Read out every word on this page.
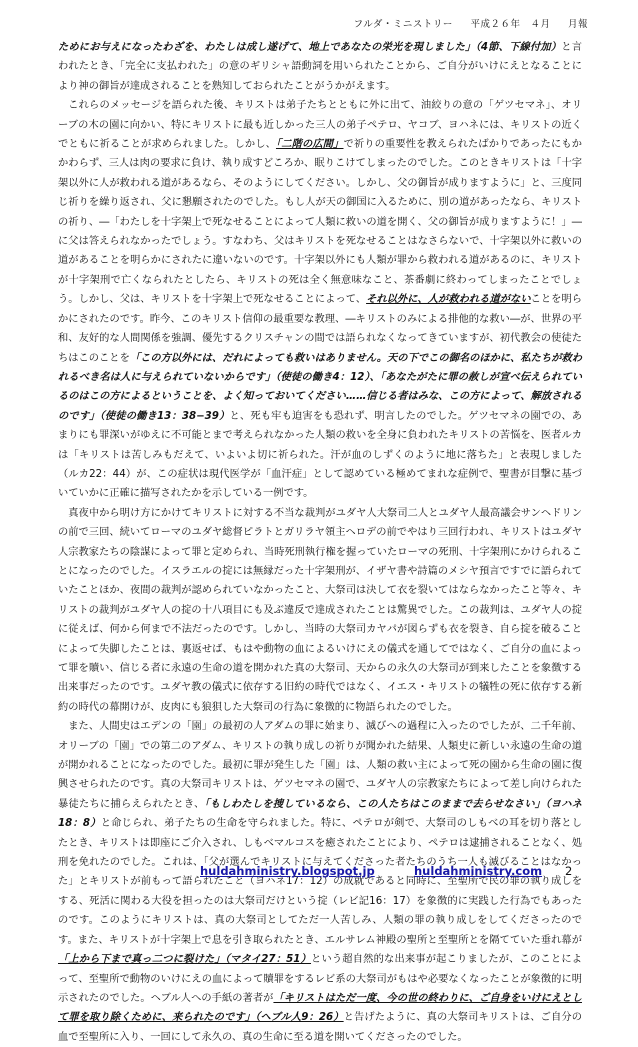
フルダ・ミニストリー 平成２６年　４月 月報

ためにお与えになったわざを、わたしは成し遂げて、地上であなたの栄光を現しました」（4節、下線付加）と言われたとき、「完全に支払われた」の意のギリシャ語動詞を用いられたことから、ご自分がいけにえとなることにより神の御旨が達成されることを熟知しておられたことがうかがえます。

これらのメッセージを語られた後、キリストは弟子たちとともに外に出て、油絞りの意の「ゲツセマネ」、オリーブの木の園に向かい、特にキリストに最も近しかった三人の弟子ペテロ、ヤコブ、ヨハネには、キリストの近くでともに祈ることが求められました。しかし、「二階の広間」で祈りの重要性を教えられたばかりであったにもかかわらず、三人は肉の要求に負け、執り成すどころか、眠りこけてしまったのでした。このときキリストは「十字架以外に人が救われる道があるなら、そのようにしてください。しかし、父の御旨が成りますように」と、三度同じ祈りを繰り返され、父に懇願されたのでした。もし人が天の御国に入るために、別の道があったなら、キリストの祈り、―「わたしを十字架上で死なせることによって人類に救いの道を開く、父の御旨が成りますように！」―に父は答えられなかったでしょう。すなわち、父はキリストを死なせることはなさらないで、十字架以外に救いの道があることを明らかにされたに違いないのです。十字架以外にも人類が罪から救われる道があるのに、キリストが十字架刑で亡くなられたとしたら、キリストの死は全く無意味なこと、茶番劇に終わってしまったことでしょう。しかし、父は、キリストを十字架上で死なせることによって、それ以外に、人が救われる道がないことを明らかにされたのです。昨今、このキリスト信仰の最重要な教理、―キリストのみによる排他的な救い―が、世界の平和、友好的な人間関係を強調、優先するクリスチャンの間では語られなくなってきていますが、初代教会の使徒たちはこのことを「この方以外には、だれによっても救いはありません。天の下でこの御名のほかに、私たちが救われるべき名は人に与えられていないからです」（使徒の働き4：12）、「あなたがたに罪の赦しが宣べ伝えられているのはこの方によるということを、よく知っておいてください……信じる者はみな、この方によって、解放されるのです」（使徒の働き13：38−39）と、死も牢も迫害をも恐れず、明言したのでした。ゲツセマネの園での、あまりにも罪深いがゆえに不可能とまで考えられなかった人類の救いを全身に負われたキリストの苦悩を、医者ルカは「キリストは苦しみもだえて、いよいよ切に祈られた。汗が血のしずくのように地に落ちた」と表現しました（ルカ22：44）が、この症状は現代医学が「血汗症」として認めている極めてまれな症例で、聖書が目撃に基づいていかに正確に描写されたかを示している一例です。

真夜中から明け方にかけてキリストに対する不当な裁判がユダヤ人大祭司二人とユダヤ人最高議会サンヘドリンの前で三回、続いてローマのユダヤ総督ピラトとガリラヤ領主ヘロデの前でやはり三回行われ、キリストはユダヤ人宗教家たちの陰謀によって罪と定められ、当時死刑執行権を握っていたローマの死刑、十字架刑にかけられることになったのでした。イスラエルの掟には無縁だった十字架刑が、イザヤ書や詩篇のメシヤ預言ですでに語られていたことほか、夜間の裁判が認められていなかったこと、大祭司は決して衣を裂いてはならなかったこと等々、キリストの裁判がユダヤ人の掟の十八項目にも及ぶ違反で達成されたことは驚異でした。この裁判は、ユダヤ人の掟に従えば、何から何まで不法だったのです。しかし、当時の大祭司カヤパが図らずも衣を裂き、自ら掟を破ることによって失脚したことは、裏返せば、もはや動物の血によるいけにえの儀式を通してではなく、ご自分の血によって罪を贖い、信じる者に永遠の生命の道を開かれた真の大祭司、天からの永久の大祭司が到来したことを象徴する出来事だったのです。ユダヤ教の儀式に依存する旧約の時代ではなく、イエス・キリストの犠牲の死に依存する新約の時代の幕開けが、皮肉にも狼狽した大祭司の行為に象徴的に物語られたのでした。

また、人間史はエデンの「園」の最初の人アダムの罪に始まり、滅びへの過程に入ったのでしたが、二千年前、オリーブの「園」での第二のアダム、キリストの執り成しの祈りが聞かれた結果、人類史に新しい永遠の生命の道が開かれることになったのでした。最初に罪が発生した「園」は、人類の救い主によって死の園から生命の園に復興させられたのです。真の大祭司キリストは、ゲツセマネの園で、ユダヤ人の宗教家たちによって差し向けられた暴徒たちに捕らえられたとき、「もしわたしを捜しているなら、この人たちはこのままで去らせなさい」（ヨハネ18：8）と命じられ、弟子たちの生命を守られました。特に、ペテロが剣で、大祭司のしもべの耳を切り落としたとき、キリストは即座にご介入され、しもべマルコスを癒されたことにより、ペテロは逮捕されることなく、処刑を免れたのでした。これは、「父が選んでキリストに与えてくださった者たちのうち一人も滅びることはなかった」とキリストが前もって語られたこと（ヨハネ17：12）の成就であると同時に、至聖所で民の罪の執り成しをする、死活に関わる大役を担ったのは大祭司だけという掟（レビ記16：17）を象徴的に実践した行為でもあったのです。このようにキリストは、真の大祭司としてただ一人苦しみ、人類の罪の執り成しをしてくださったのです。また、キリストが十字架上で息を引き取られたとき、エルサレム神殿の聖所と至聖所とを隔てていた垂れ幕が「上から下まで真っ二つに裂けた」（マタイ27：51）という超自然的な出来事が起こりましたが、このことによって、至聖所で動物のいけにえの血によって贖罪をするレビ系の大祭司がもはや必要なくなったことが象徴的に明示されたのでした。ヘブル人への手紙の著者が「キリストはただ一度、今の世の終わりに、ご自身をいけにえとして罪を取り除くために、来られたのです」（ヘブル人9：26）と告げたように、真の大祭司キリストは、ご自分の血で至聖所に入り、一回にして永久の、真の生命に至る道を開いてくださったのでした。

huldahministry.blogspot.jp	huldahministry.com 2
